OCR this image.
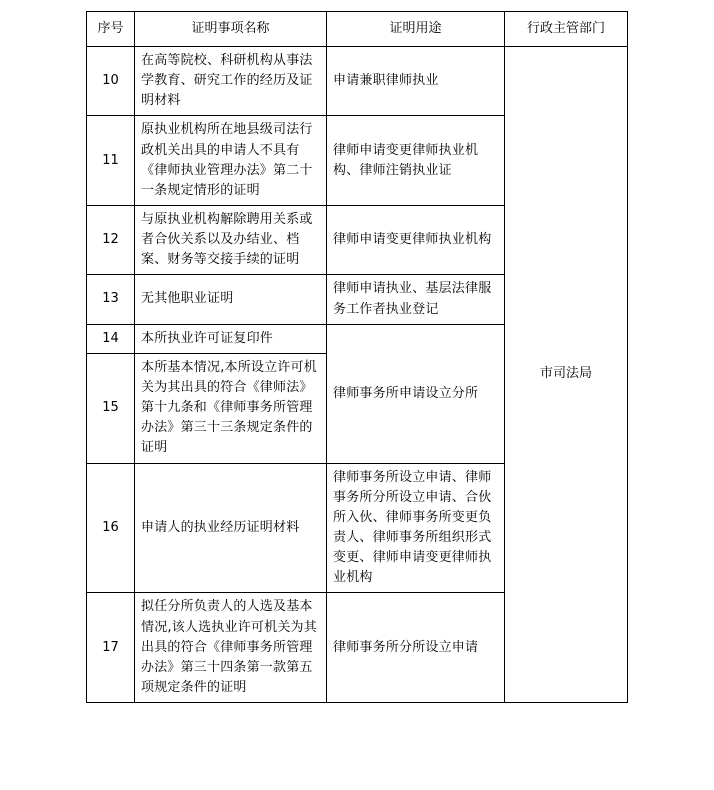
序号	证明事项名称	证明用途	行政主管部门
10	在高等院校、科研机构从事法学教育、研究工作的经历及证明材料	申请兼职律师执业	市司法局
11	原执业机构所在地县级司法行政机关出具的申请人不具有《律师执业管理办法》第二十一条规定情形的证明	律师申请变更律师执业机构、律师注销执业证	
12	与原执业机构解除聘用关系或者合伙关系以及办结业、档案、财务等交接手续的证明	律师申请变更律师执业机构	
13	无其他职业证明	律师申请执业、基层法律服务工作者执业登记	
14	本所执业许可证复印件	律师事务所申请设立分所	
15	本所基本情况,本所设立许可机关为其出具的符合《律师法》第十九条和《律师事务所管理办法》第三十三条规定条件的证明		
16	申请人的执业经历证明材料	律师事务所设立申请、律师事务所分所设立申请、合伙所入伙、律师事务所变更负责人、律师事务所组织形式变更、律师申请变更律师执业机构	
17	拟任分所负责人的人选及基本情况,该人选执业许可机关为其出具的符合《律师事务所管理办法》第三十四条第一款第五项规定条件的证明	律师事务所分所设立申请	
